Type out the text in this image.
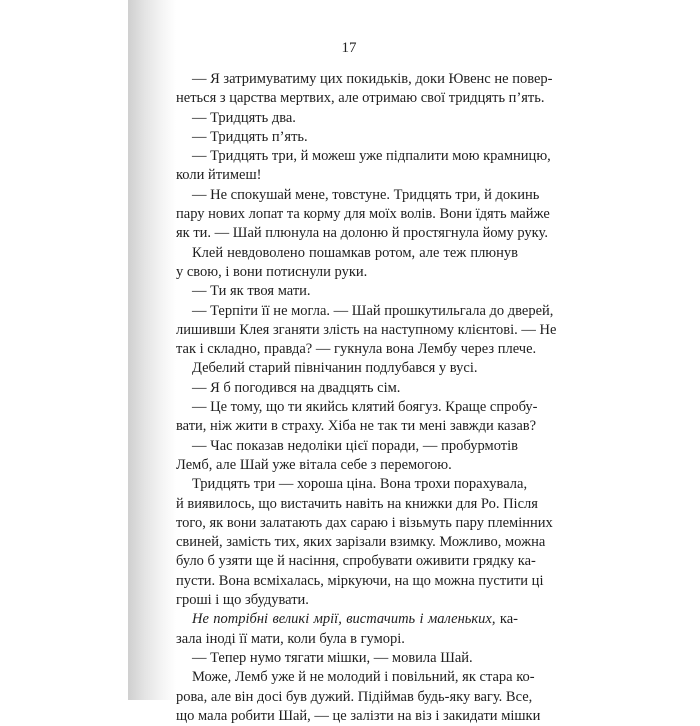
17
— Я затримуватиму цих покидьків, доки Ювенс не повер-
неться з царства мертвих, але отримаю свої тридцять п’ять.
— Тридцять два.
— Тридцять п’ять.
— Тридцять три, й можеш уже підпалити мою крамницю,
коли йтимеш!
— Не спокушай мене, товстуне. Тридцять три, й докинь
пару нових лопат та корму для моїх волів. Вони їдять майже
як ти. — Шай плюнула на долоню й простягнула йому руку.
Клей невдоволено пошамкав ротом, але теж плюнув
у свою, і вони потиснули руки.
— Ти як твоя мати.
— Терпіти її не могла. — Шай прошкутильгала до дверей,
лишивши Клея зганяти злість на наступному клієнтові. — Не
так і складно, правда? — гукнула вона Лембу через плече.
Дебелий старий північанин подлубався у вусі.
— Я б погодився на двадцять сім.
— Це тому, що ти якийсь клятий боягуз. Краще спробу-
вати, ніж жити в страху. Хіба не так ти мені завжди казав?
— Час показав недоліки цієї поради, — пробурмотів
Лемб, але Шай уже вітала себе з перемогою.
Тридцять три — хороша ціна. Вона трохи порахувала,
й виявилось, що вистачить навіть на книжки для Ро. Після
того, як вони залатають дах сараю і візьмуть пару племінних
свиней, замість тих, яких зарізали взимку. Можливо, можна
було б узяти ще й насіння, спробувати оживити грядку ка-
пусти. Вона всміхалась, міркуючи, на що можна пустити ці
гроші і що збудувати.
Не потрібні великі мрії, вистачить і маленьких, ка-
зала іноді її мати, коли була в гуморі.
— Тепер нумо тягати мішки, — мовила Шай.
Може, Лемб уже й не молодий і повільний, як стара ко-
рова, але він досі був дужий. Підіймав будь-яку вагу. Все,
що мала робити Шай, — це залізти на віз і закидати мішки
